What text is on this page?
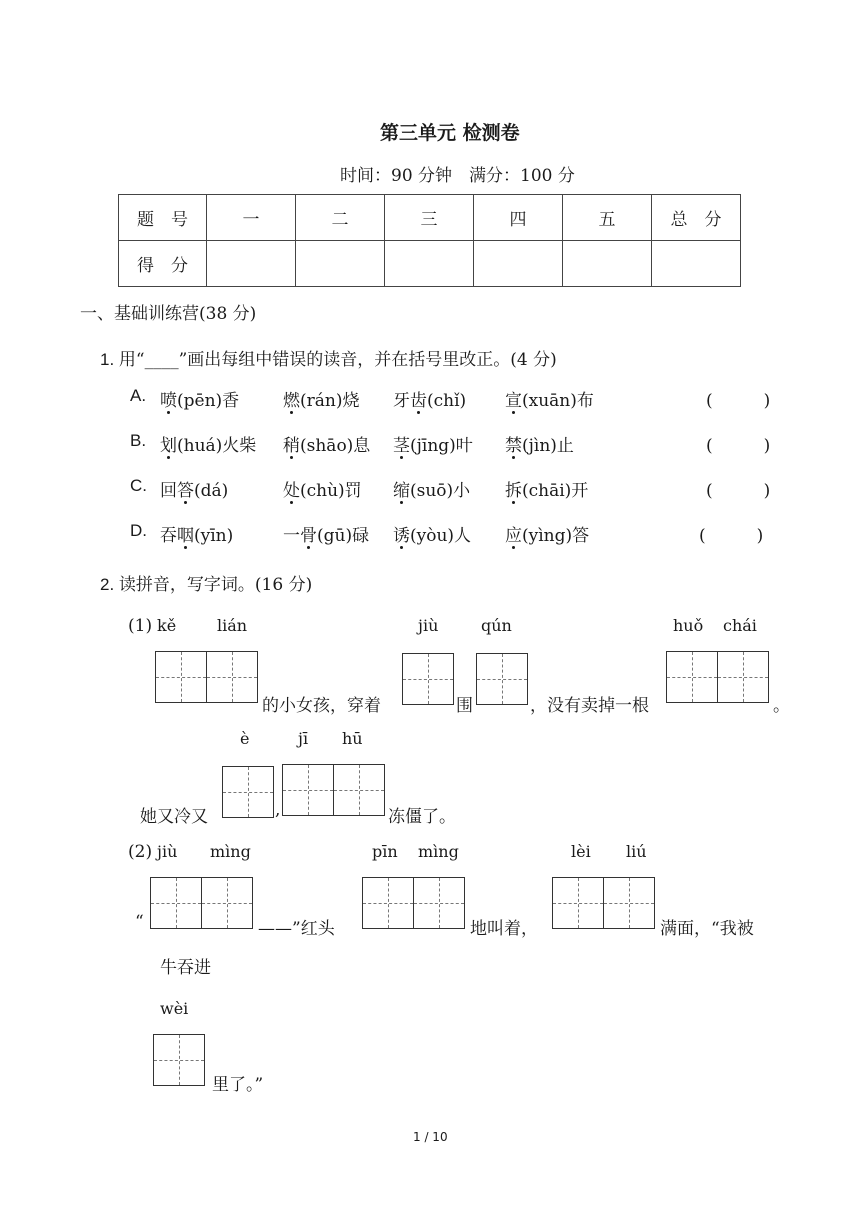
第三单元 检测卷
时间：90 分钟　满分：100 分
题　号	一	二	三	四	五	总　分
得　分						
一、基础训练营(38 分)
1. 用“____”画出每组中错误的读音，并在括号里改正。(4 分)
A. 喷(pēn)香	燃(rán)烧 牙齿(chǐ) 宣(xuān)布	(　　　)
B. 划(huá)火柴 稍(shāo)息 茎(jīng)叶 禁(jìn)止	(　　　)
C. 回答(dá)	处(chù)罚 缩(suō)小 拆(chāi)开	(　　　)
D. 吞咽(yīn)	一骨(gū)碌 诱(yòu)人 应(yìng)答	(　　　)
2. 读拼音，写字词。(16 分)
(1) kě	lián	jiù	qún	huǒ chái
的小女孩，穿着	围	，没有卖掉一根	。
è	jī hū
她又冷又	,	冻僵了。
(2) jiù mìng	pīn mìng	lèi liú
“	——”红头	地叫着，	满面，“我被
牛吞进
wèi
里了。”
1 / 10
